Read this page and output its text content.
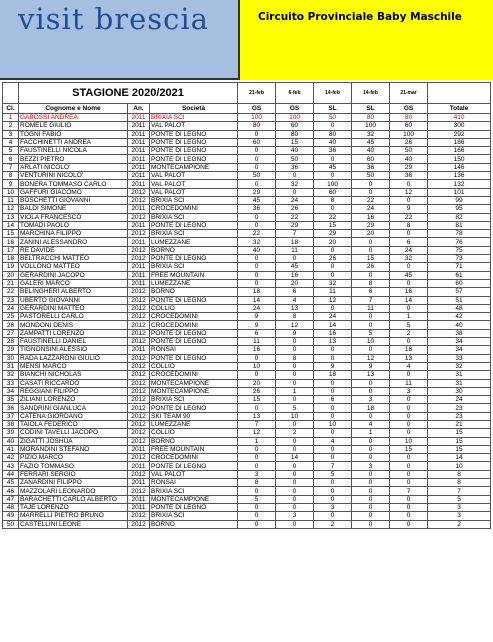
visit brescia	Circuito Provinciale Baby Maschile
	STAGIONE 2020/2021			21-feb	6-feb	14-feb	14-feb	21-mar	
Cl.	Cognome e Nome	An.	Società	GS	GS	SL	SL	GS	Totale
1	GABOSSI ANDREA	2011	BRIXIA SCI	100	100	50	80	80	410
2	ROMELE GIULIO	2011	VAL PALOT	80	60	0	100	60	300
3	TOGNI FABIO	2011	PONTE DI LEGNO	0	80	80	32	100	292
4	FACCHINETTI ANDREA	2011	PONTE DI LEGNO	60	15	40	45	26	186
5	FAUSTINELLI NICOLA	2011	PONTE DI LEGNO	0	40	36	40	50	166
6	BEZZI PIETRO	2011	PONTE DI LEGNO	0	50	0	60	40	150
7	ARLATI NICOLO'	2011	MONTECAMPIONE	0	36	45	36	29	146
8	VENTURINI NICOLO'	2011	VAL PALOT	50	0	0	50	36	136
9	BONERA TOMMASO CARLO	2011	VAL PALOT	0	32	100	0	0	132
10	GAFFURI GIACOMO	2012	VAL PALOT	29	0	60	0	12	101
11	BOSCHETTI GIOVANNI	2012	BRIXIA SCI	45	24	8	22	0	99
12	BALDI SIMONE	2011	CROCEDOMINI	36	26	0	24	9	95
13	VIOLA FRANCESCO	2012	BRIXIA SCI	0	22	22	16	22	82
14	TOMADI PAOLO	2011	PONTE DI LEGNO	0	29	15	29	8	81
15	MARCHINA FILIPPO	2012	BRIXIA SCI	22	7	29	20	0	78
16	ZANINI ALESSANDRO	2011	LUMEZZANE	32	18	20	0	6	76
17	RE DAVIDE	2012	BORNO	40	11	0	0	24	75
18	BELTRACCHI MATTEO	2012	PONTE DI LEGNO	0	0	26	15	32	73
19	VOLLONO MATTEO	2011	BRIXIA SCI	0	45	0	26	0	71
20	GERARDINI JACOPO	2011	FREE MOUNTAIN	0	16	0	0	45	61
21	GALERI MARCO	2011	LUMEZZANE	0	20	32	8	0	60
22	BELINGHERI ALBERTO	2012	BORNO	18	6	11	6	16	57
23	UBERTO GIOVANNI	2012	PONTE DI LEGNO	14	4	12	7	14	51
24	GERARDINI MATTEO	2012	COLLIO	24	13	0	11	0	48
25	PASTORELLI CARLO	2012	CROCEDOMINI	9	8	24	0	1	42
26	MONDONI DENIS	2012	CROCEDOMINI	9	12	14	0	5	40
27	ZAMPATTI LORENZO	2012	PONTE DI LEGNO	6	9	16	5	2	38
28	FAUSTINELLI DANIEL	2012	PONTE DI LEGNO	11	0	13	10	0	34
29	TIGNONSINI ALESSIO	2011	RONSAI	16	0	0	0	18	34
30	RADA LAZZARONI GIULIO	2012	PONTE DI LEGNO	0	8	0	12	13	33
31	MENSI MARCO	2012	COLLIO	10	0	9	9	4	32
32	BIANCHI NICHOLAS	2012	CROCEDOMINI	0	0	18	13	0	31
33	CASATI RICCARDO	2012	MONTECAMPIONE	20	0	0	0	11	31
34	REGGIANI FILIPPO	2012	MONTECAMPIONE	26	1	0	0	3	30
35	ZILIANI LORENZO	2012	BRIXIA SCI	15	0	6	3	0	24
36	SANDRINI GIANLUCA	2012	PONTE DI LEGNO	0	5	0	18	0	23
37	CATENA GIORDANO	2012	SKI TEAM 90	13	10	0	0	0	23
38	TAIOLA FEDERICO	2012	LUMEZZANE	7	0	10	4	0	21
39	CODINI TAVELLI JACOPO	2012	COLLIO	12	2	0	1	0	15
40	ZIGATTI JOSHUA	2012	BORNO	1	0	4	0	10	15
41	MORANDINI STEFANO	2011	FREE MOUNTAIN	0	0	0	0	15	15
42	PIZIO MARCO	2012	CROCEDOMINI	0	14	0	0	0	14
43	FAZIO TOMMASO	2011	PONTE DI LEGNO	0	0	7	3	0	10
44	FERRARI SERGIO	2012	VAL PALOT	3	0	5	0	0	8
45	ZANARDINI FILIPPO	2011	RONSAI	8	0	0	0	0	8
46	MAZZOLARI LEONARDO	2012	BRIXIA SCI	0	0	0	0	7	7
47	BARACHETTI CARLO ALBERTO	2011	MONTECAMPIONE	5	0	0	0	0	5
48	TAJE LORENZO	2011	PONTE DI LEGNO	0	0	3	0	0	3
49	MARRELLI PIETRO BRUNO	2012	BRIXIA SCI	0	3	0	0	0	3
50	CASTELLINI LEONE	2012	BORNO	0	0	2	0	0	2
